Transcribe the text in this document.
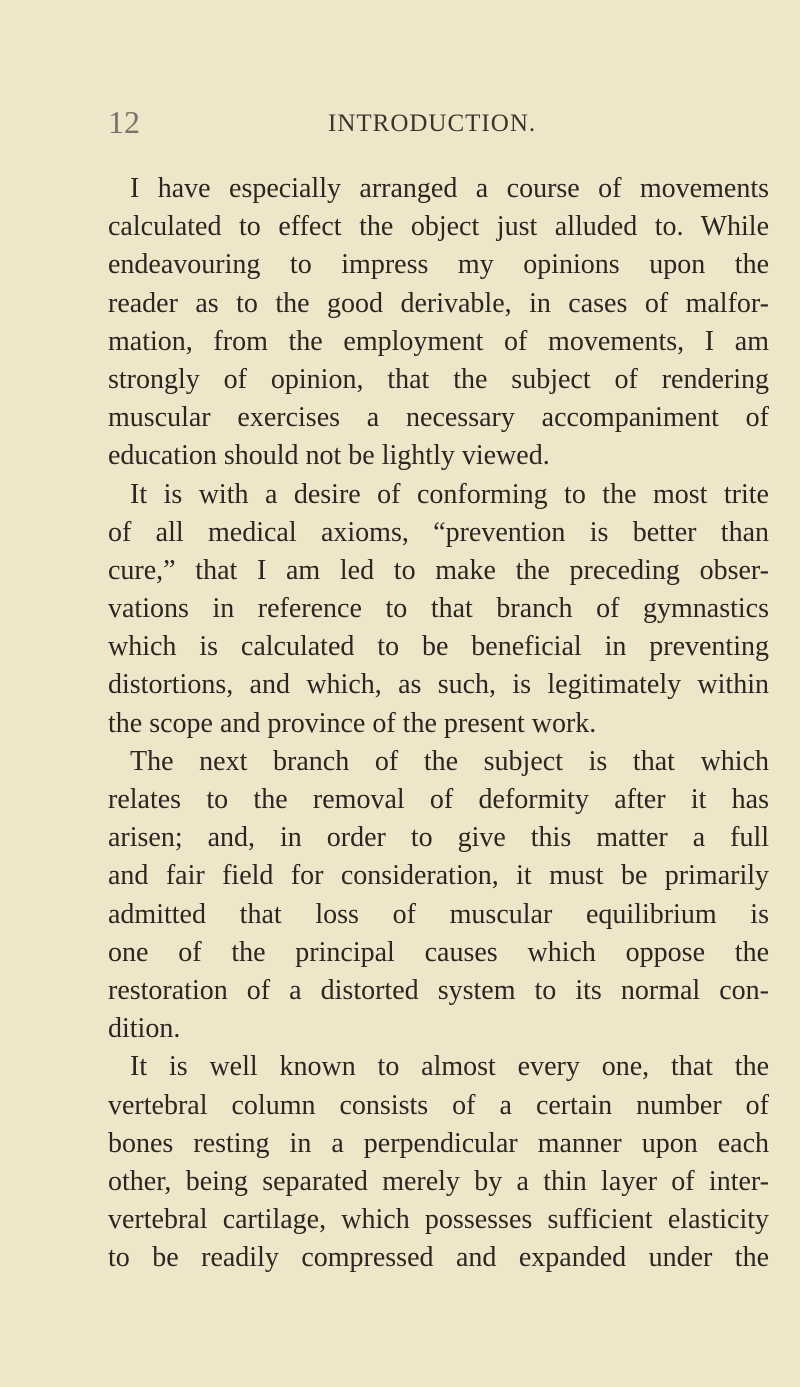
12	INTRODUCTION.
I have especially arranged a course of movements
calculated to effect the object just alluded to. While
endeavouring to impress my opinions upon the
reader as to the good derivable, in cases of malfor-
mation, from the employment of movements, I am
strongly of opinion, that the subject of rendering
muscular exercises a necessary accompaniment of
education should not be lightly viewed.
It is with a desire of conforming to the most trite
of all medical axioms, “prevention is better than
cure,” that I am led to make the preceding obser-
vations in reference to that branch of gymnastics
which is calculated to be beneficial in preventing
distortions, and which, as such, is legitimately within
the scope and province of the present work.
The next branch of the subject is that which
relates to the removal of deformity after it has
arisen; and, in order to give this matter a full
and fair field for consideration, it must be primarily
admitted that loss of muscular equilibrium is
one of the principal causes which oppose the
restoration of a distorted system to its normal con-
dition.
It is well known to almost every one, that the
vertebral column consists of a certain number of
bones resting in a perpendicular manner upon each
other, being separated merely by a thin layer of inter-
vertebral cartilage, which possesses sufficient elasticity
to be readily compressed and expanded under the
